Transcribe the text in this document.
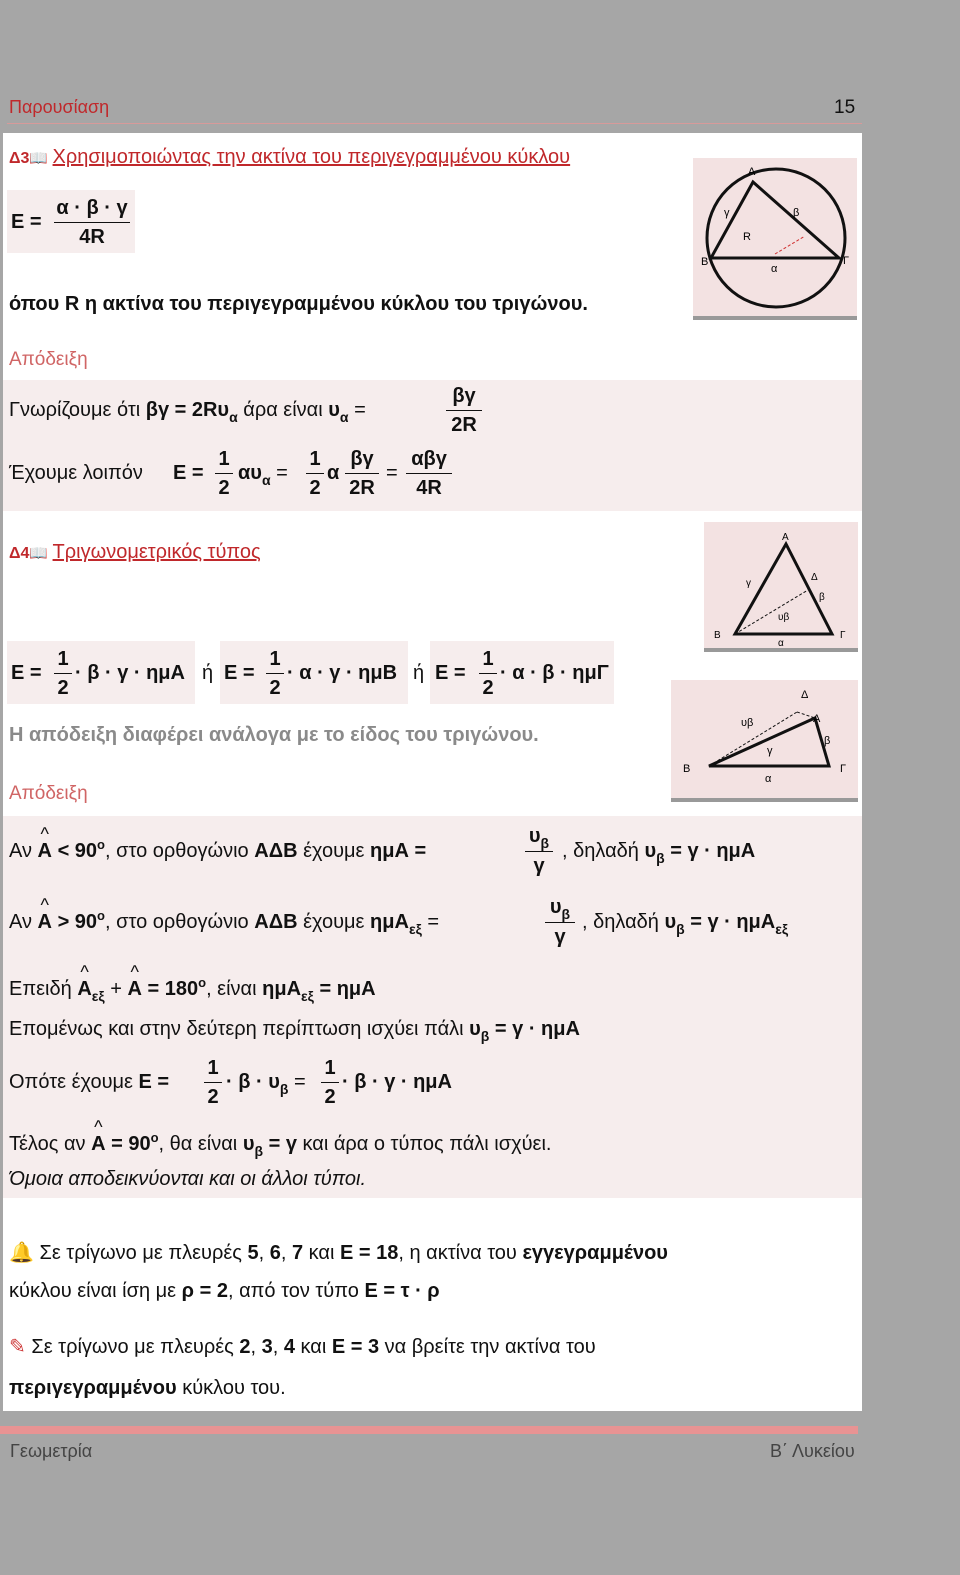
Παρουσίαση	15
Δ3📖 Χρησιμοποιώντας την ακτίνα του περιγεγραμμένου κύκλου
Ε =
α · β · γ
4R
A
B	Γ
α
β
γ
R
όπου R η ακτίνα του περιγεγραμμένου κύκλου του τριγώνου.
Απόδειξη
Γνωρίζουμε ότι $\beta\gamma = 2R\upsilon_\alpha$ άρα είναι $\upsilon_\alpha$ =
βγ
2R
Έχουμε λοιπόν Ε =
1
2
$\alpha\upsilon_\alpha$ =
1
2
α
βγ
2R
=
αβγ
4R
Δ4📖 Τριγωνομετρικός τύπος
A
B	Γ
Δ
α
β
γ
υβ
Δ
A
B	Γ
α
β
γ
υβ
Ε =
1
2
· β · γ · ημΑ ή Ε =
1
2
· α · γ · ημΒ ή Ε =
1
2
· α · β · ημΓ
Η απόδειξη διαφέρει ανάλογα με το είδος του τριγώνου.
Απόδειξη
Αν ^ $A < 90^o$, στο ορθογώνιο ΑΔΒ έχουμε ημΑ =
$\upsilon_\beta$
γ
, δηλαδή $\upsilon_\beta = \gamma \cdot \eta\mu A$
Αν ^ $A > 90^o$, στο ορθογώνιο ΑΔΒ έχουμε ημΑ$_{\varepsilon\xi}$ =
$\upsilon_\beta$
γ
, δηλαδή $\upsilon_\beta = \gamma \cdot \eta\mu A_{\varepsilon\xi}$
Επειδή ^ $A_{\varepsilon\xi}$ + ^ $A = 180^o$, είναι ημΑ$_{\varepsilon\xi}$ = ημΑ
Επομένως και στην δεύτερη περίπτωση ισχύει πάλι $\upsilon_\beta = \gamma \cdot \eta\mu A$
Οπότε έχουμε Ε =
1
2
· $\beta \cdot \upsilon_\beta$ =
1
2
· β · γ · ημΑ
Τέλος αν ^ $A = 90^o$, θα είναι $\upsilon_\beta = \gamma$ και άρα ο τύπος πάλι ισχύει.
Όμοια αποδεικνύονται και οι άλλοι τύποι.
🔔 Σε τρίγωνο με πλευρές 5, 6, 7 και Ε = 18, η ακτίνα του εγγεγραμμένου
κύκλου είναι ίση με ρ = 2, από τον τύπο Ε = τ · ρ
✎ Σε τρίγωνο με πλευρές 2, 3, 4 και Ε = 3 να βρείτε την ακτίνα του
περιγεγραμμένου κύκλου του.
Γεωμετρία	Β΄ Λυκείου
